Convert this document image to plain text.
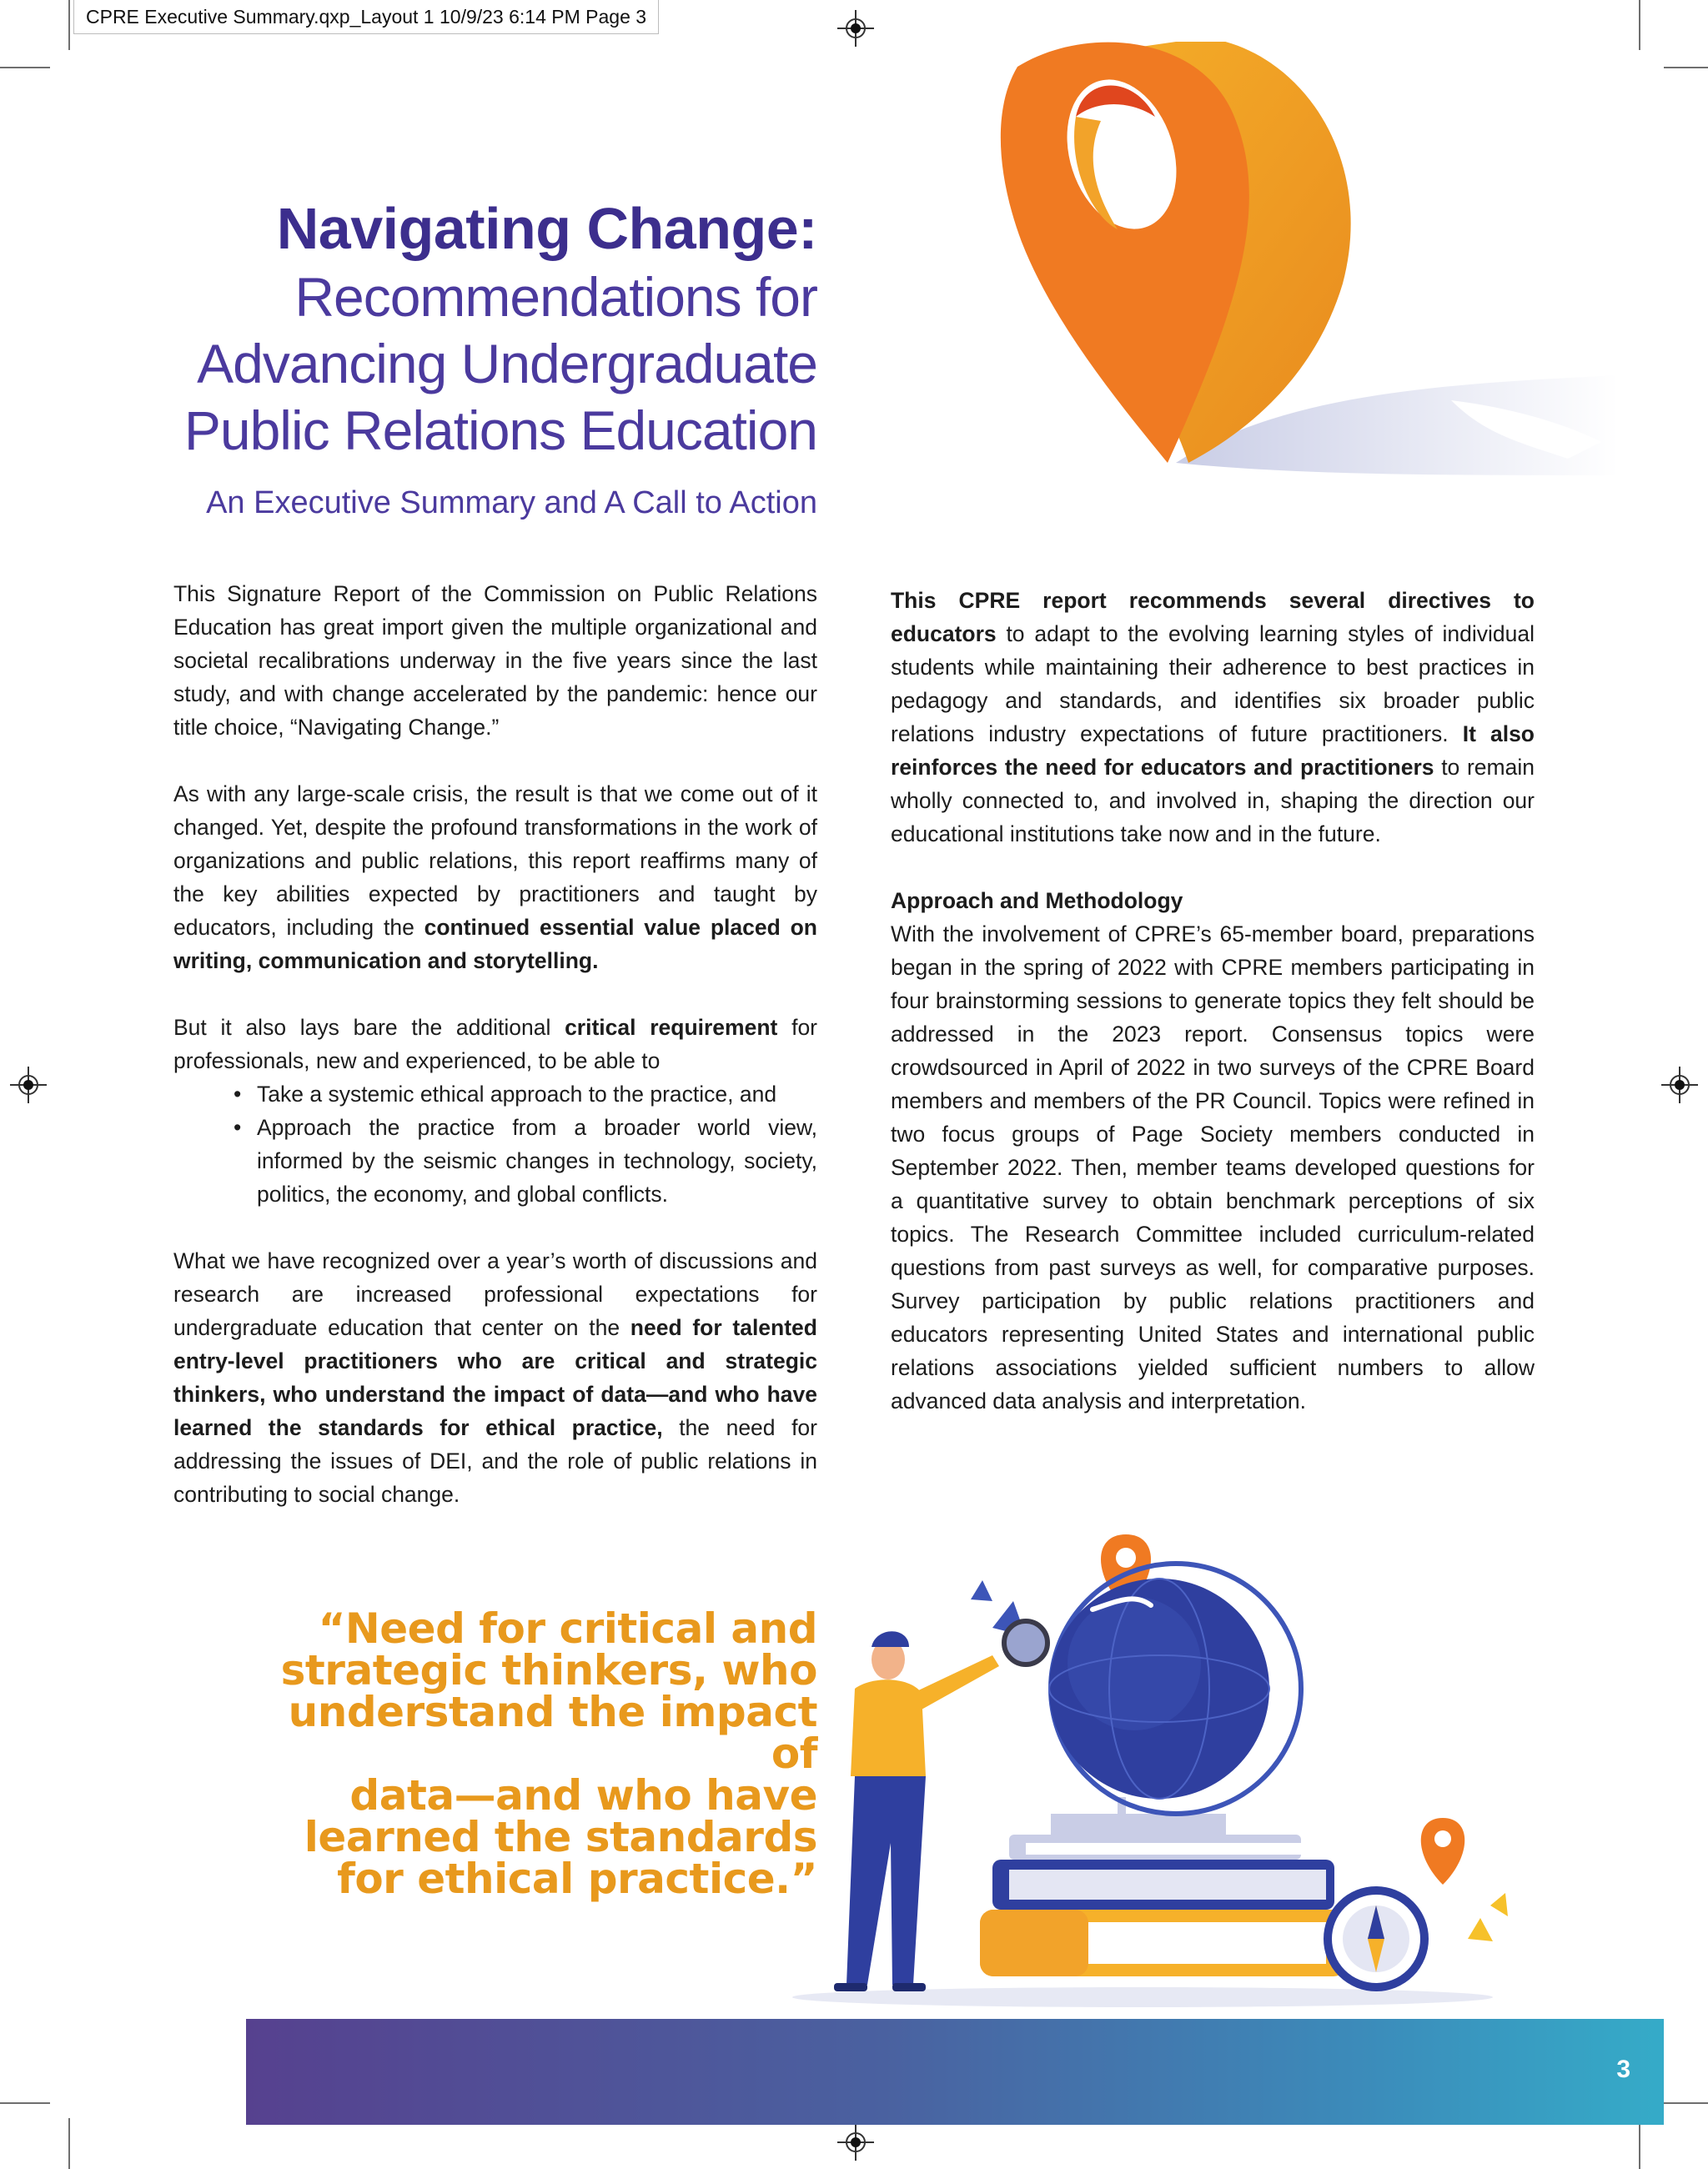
CPRE Executive Summary.qxp_Layout 1 10/9/23 6:14 PM Page 3
Navigating Change:
Recommendations for
Advancing Undergraduate
Public Relations Education
An Executive Summary and A Call to Action

This Signature Report of the Commission on Public Relations Education has great import given the multiple organizational and societal recalibrations underway in the five years since the last study, and with change accelerated by the pandemic: hence our title choice, “Navigating Change.”

As with any large-scale crisis, the result is that we come out of it changed. Yet, despite the profound transformations in the work of organizations and public relations, this report reaffirms many of the key abilities expected by practitioners and taught by educators, including the continued essential value placed on writing, communication and storytelling.

But it also lays bare the additional critical requirement for professionals, new and experienced, to be able to

• Take a systemic ethical approach to the practice, and
• Approach the practice from a broader world view, informed by the seismic changes in technology, society, politics, the economy, and global conflicts.

What we have recognized over a year’s worth of discussions and research are increased professional expectations for undergraduate education that center on the need for talented entry-level practitioners who are critical and strategic thinkers, who understand the impact of data—and who have learned the standards for ethical practice, the need for addressing the issues of DEI, and the role of public relations in contributing to social change.

This CPRE report recommends several directives to educators to adapt to the evolving learning styles of individual students while maintaining their adherence to best practices in pedagogy and standards, and identifies six broader public relations industry expectations of future practitioners. It also reinforces the need for educators and practitioners to remain wholly connected to, and involved in, shaping the direction our educational institutions take now and in the future.

Approach and Methodology

With the involvement of CPRE’s 65-member board, preparations began in the spring of 2022 with CPRE members participating in four brainstorming sessions to generate topics they felt should be addressed in the 2023 report. Consensus topics were crowdsourced in April of 2022 in two surveys of the CPRE Board members and members of the PR Council. Topics were refined in two focus groups of Page Society members conducted in September 2022. Then, member teams developed questions for a quantitative survey to obtain benchmark perceptions of six topics. The Research Committee included curriculum-related questions from past surveys as well, for comparative purposes. Survey participation by public relations practitioners and educators representing United States and international public relations associations yielded sufficient numbers to allow advanced data analysis and interpretation.

“Need for critical and
strategic thinkers, who
understand the impact of
data—and who have
learned the standards
for ethical practice.”
3
